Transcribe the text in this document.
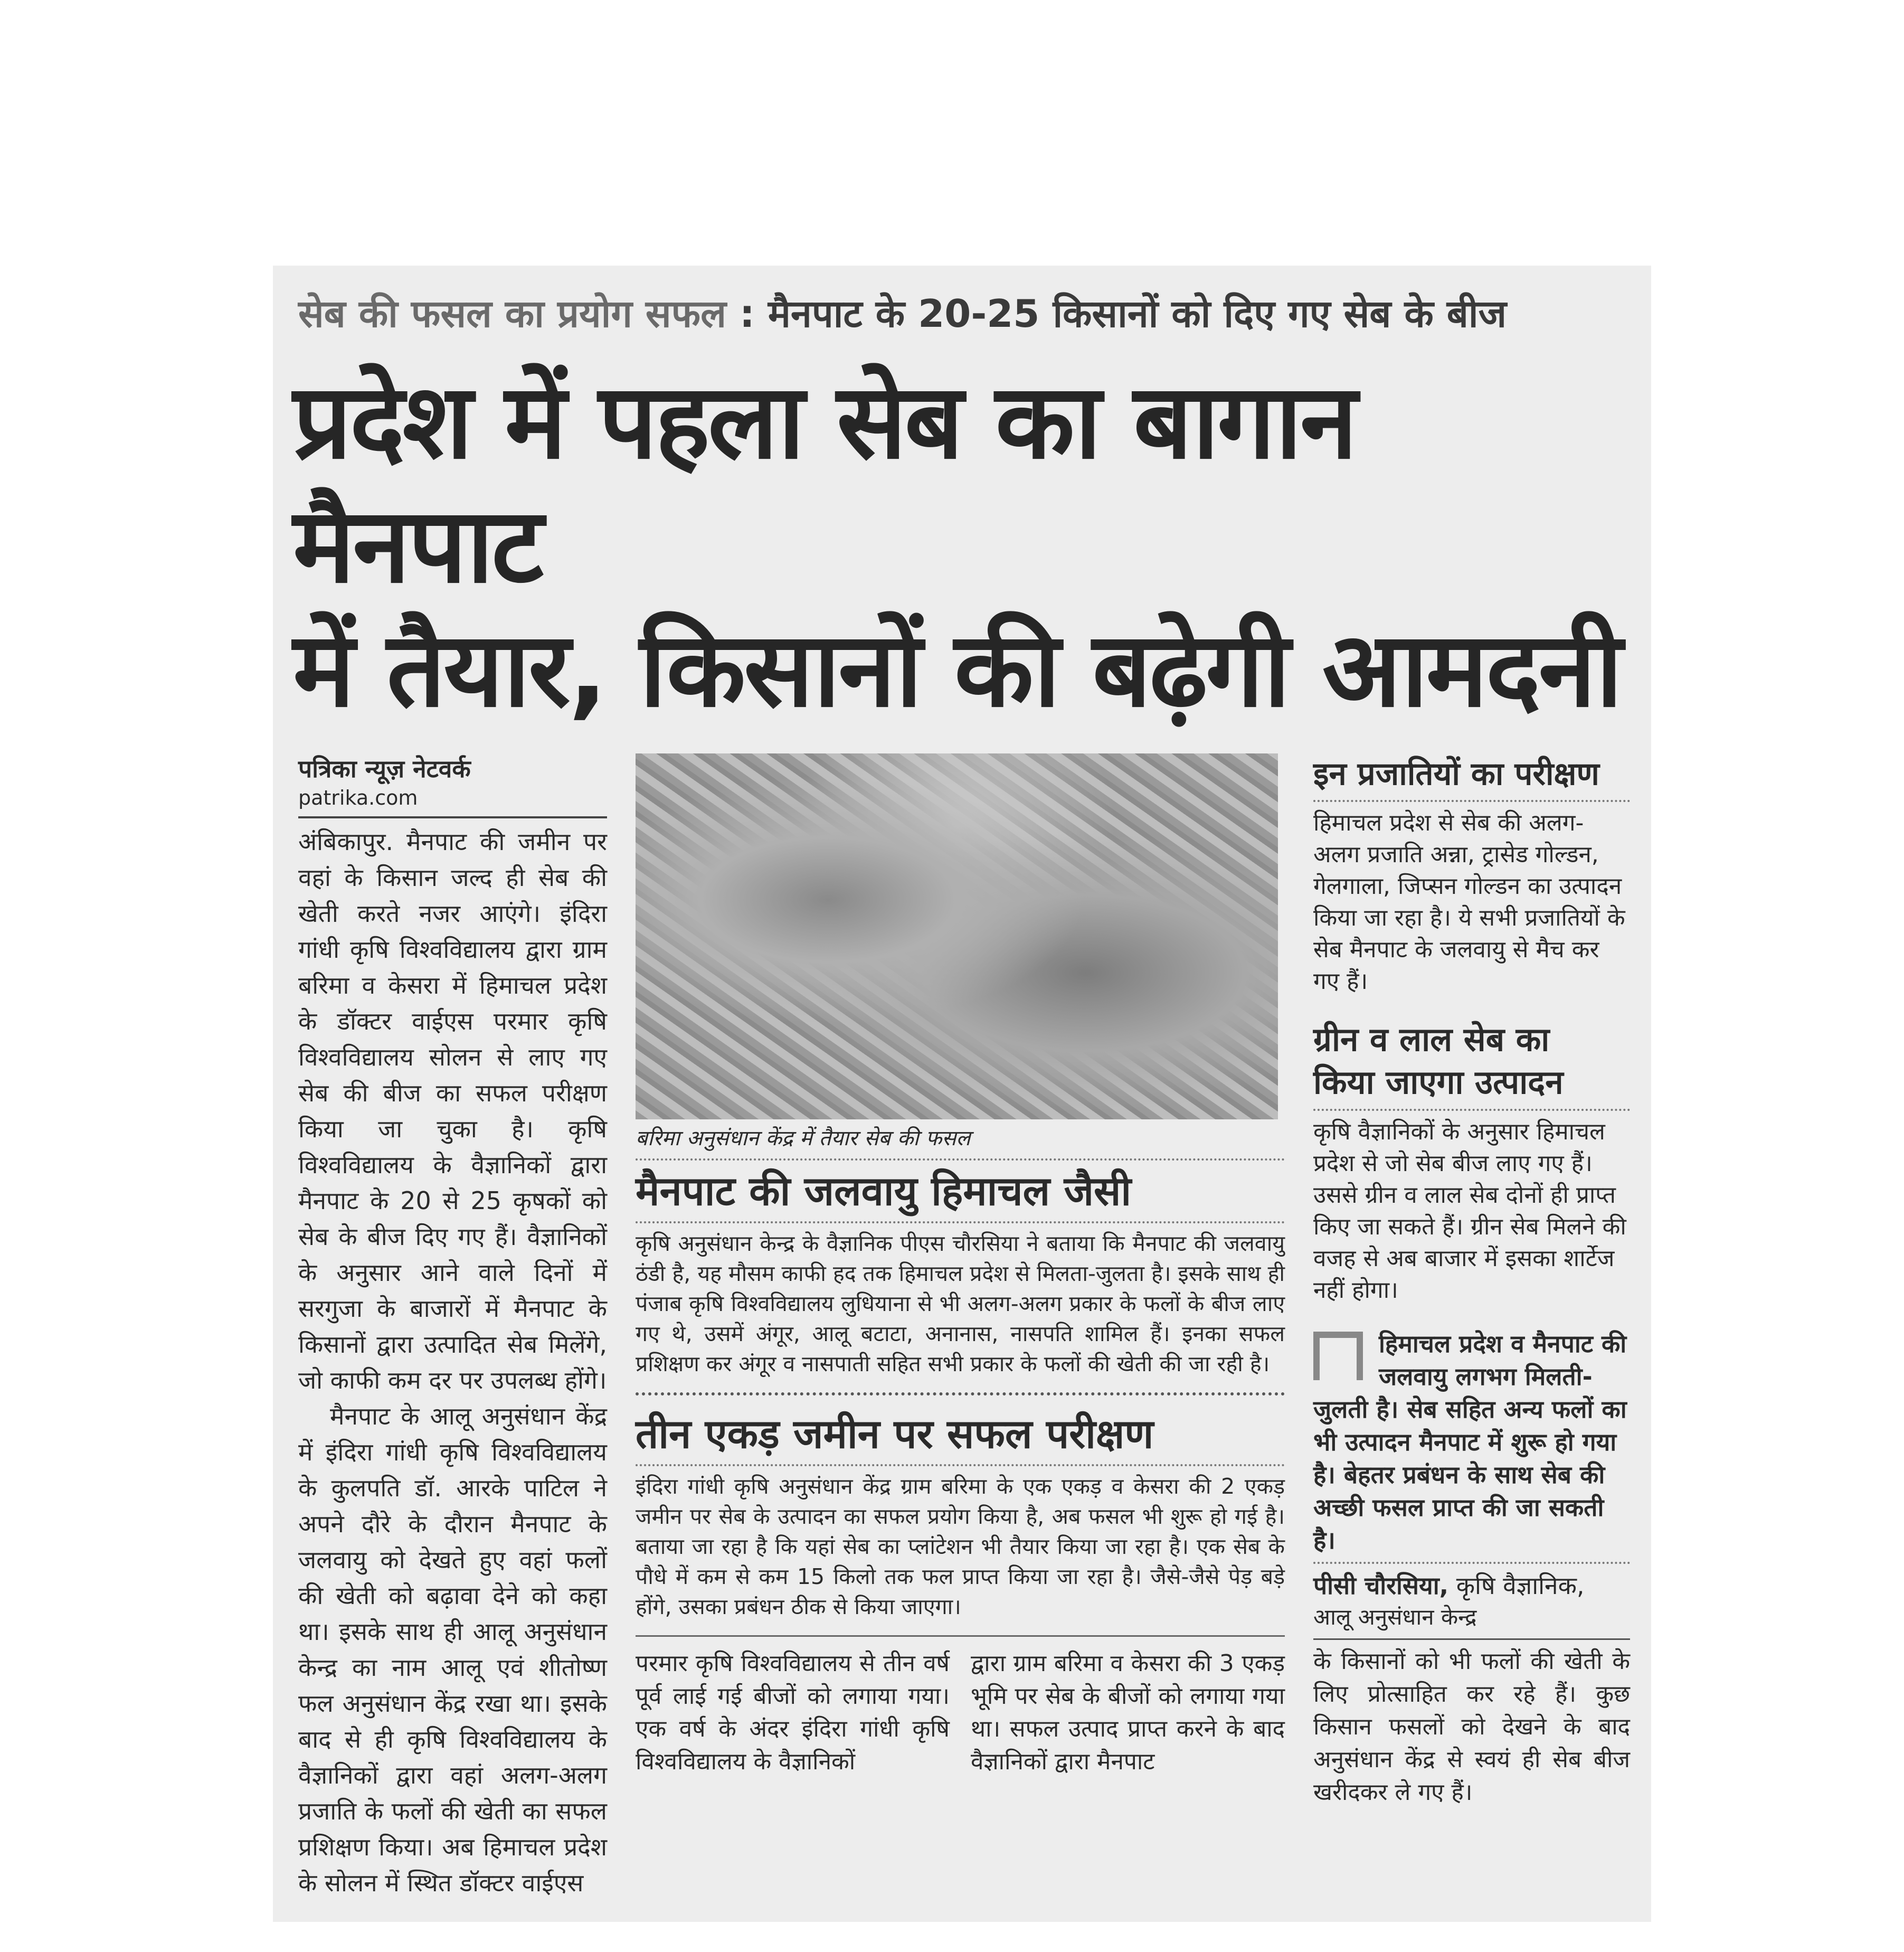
सेब की फसल का प्रयोग सफल : मैनपाट के 20-25 किसानों को दिए गए सेब के बीज
प्रदेश में पहला सेब का बागान मैनपाट
में तैयार, किसानों की बढ़ेगी आमदनी
पत्रिका न्यूज़ नेटवर्क
patrika.com

अंबिकापुर. मैनपाट की जमीन पर वहां के किसान जल्द ही सेब की खेती करते नजर आएंगे। इंदिरा गांधी कृषि विश्वविद्यालय द्वारा ग्राम बरिमा व केसरा में हिमाचल प्रदेश के डॉक्टर वाईएस परमार कृषि विश्वविद्यालय सोलन से लाए गए सेब की बीज का सफल परीक्षण किया जा चुका है। कृषि विश्वविद्यालय के वैज्ञानिकों द्वारा मैनपाट के 20 से 25 कृषकों को सेब के बीज दिए गए हैं। वैज्ञानिकों के अनुसार आने वाले दिनों में सरगुजा के बाजारों में मैनपाट के किसानों द्वारा उत्पादित सेब मिलेंगे, जो काफी कम दर पर उपलब्ध होंगे।

मैनपाट के आलू अनुसंधान केंद्र में इंदिरा गांधी कृषि विश्वविद्यालय के कुलपति डॉ. आरके पाटिल ने अपने दौरे के दौरान मैनपाट के जलवायु को देखते हुए वहां फलों की खेती को बढ़ावा देने को कहा था। इसके साथ ही आलू अनुसंधान केन्द्र का नाम आलू एवं शीतोष्ण फल अनुसंधान केंद्र रखा था। इसके बाद से ही कृषि विश्वविद्यालय के वैज्ञानिकों द्वारा वहां अलग-अलग प्रजाति के फलों की खेती का सफल प्रशिक्षण किया। अब हिमाचल प्रदेश के सोलन में स्थित डॉक्टर वाईएस

बरिमा अनुसंधान केंद्र में तैयार सेब की फसल
मैनपाट की जलवायु हिमाचल जैसी
कृषि अनुसंधान केन्द्र के वैज्ञानिक पीएस चौरसिया ने बताया कि मैनपाट की जलवायु ठंडी है, यह मौसम काफी हद तक हिमाचल प्रदेश से मिलता-जुलता है। इसके साथ ही पंजाब कृषि विश्वविद्यालय लुधियाना से भी अलग-अलग प्रकार के फलों के बीज लाए गए थे, उसमें अंगूर, आलू बटाटा, अनानास, नासपति शामिल हैं। इनका सफल प्रशिक्षण कर अंगूर व नासपाती सहित सभी प्रकार के फलों की खेती की जा रही है।
तीन एकड़ जमीन पर सफल परीक्षण
इंदिरा गांधी कृषि अनुसंधान केंद्र ग्राम बरिमा के एक एकड़ व केसरा की 2 एकड़ जमीन पर सेब के उत्पादन का सफल प्रयोग किया है, अब फसल भी शुरू हो गई है। बताया जा रहा है कि यहां सेब का प्लांटेशन भी तैयार किया जा रहा है। एक सेब के पौधे में कम से कम 15 किलो तक फल प्राप्त किया जा रहा है। जैसे-जैसे पेड़ बड़े होंगे, उसका प्रबंधन ठीक से किया जाएगा।
परमार कृषि विश्वविद्यालय से तीन वर्ष पूर्व लाई गई बीजों को लगाया गया। एक वर्ष के अंदर इंदिरा गांधी कृषि विश्वविद्यालय के वैज्ञानिकों
द्वारा ग्राम बरिमा व केसरा की 3 एकड़ भूमि पर सेब के बीजों को लगाया गया था। सफल उत्पाद प्राप्त करने के बाद वैज्ञानिकों द्वारा मैनपाट
इन प्रजातियों का परीक्षण
हिमाचल प्रदेश से सेब की अलग-अलग प्रजाति अन्ना, ट्रासेड गोल्डन, गेलगाला, जिप्सन गोल्डन का उत्पादन किया जा रहा है। ये सभी प्रजातियों के सेब मैनपाट के जलवायु से मैच कर गए हैं।
ग्रीन व लाल सेब का
किया जाएगा उत्पादन
कृषि वैज्ञानिकों के अनुसार हिमाचल प्रदेश से जो सेब बीज लाए गए हैं। उससे ग्रीन व लाल सेब दोनों ही प्राप्त किए जा सकते हैं। ग्रीन सेब मिलने की वजह से अब बाजार में इसका शार्टेज नहीं होगा।
हिमाचल प्रदेश व मैनपाट की जलवायु लगभग मिलती-जुलती है। सेब सहित अन्य फलों का भी उत्पादन मैनपाट में शुरू हो गया है। बेहतर प्रबंधन के साथ सेब की अच्छी फसल प्राप्त की जा सकती है।
पीसी चौरसिया, कृषि वैज्ञानिक,
आलू अनुसंधान केन्द्र
के किसानों को भी फलों की खेती के लिए प्रोत्साहित कर रहे हैं। कुछ किसान फसलों को देखने के बाद अनुसंधान केंद्र से स्वयं ही सेब बीज खरीदकर ले गए हैं।
